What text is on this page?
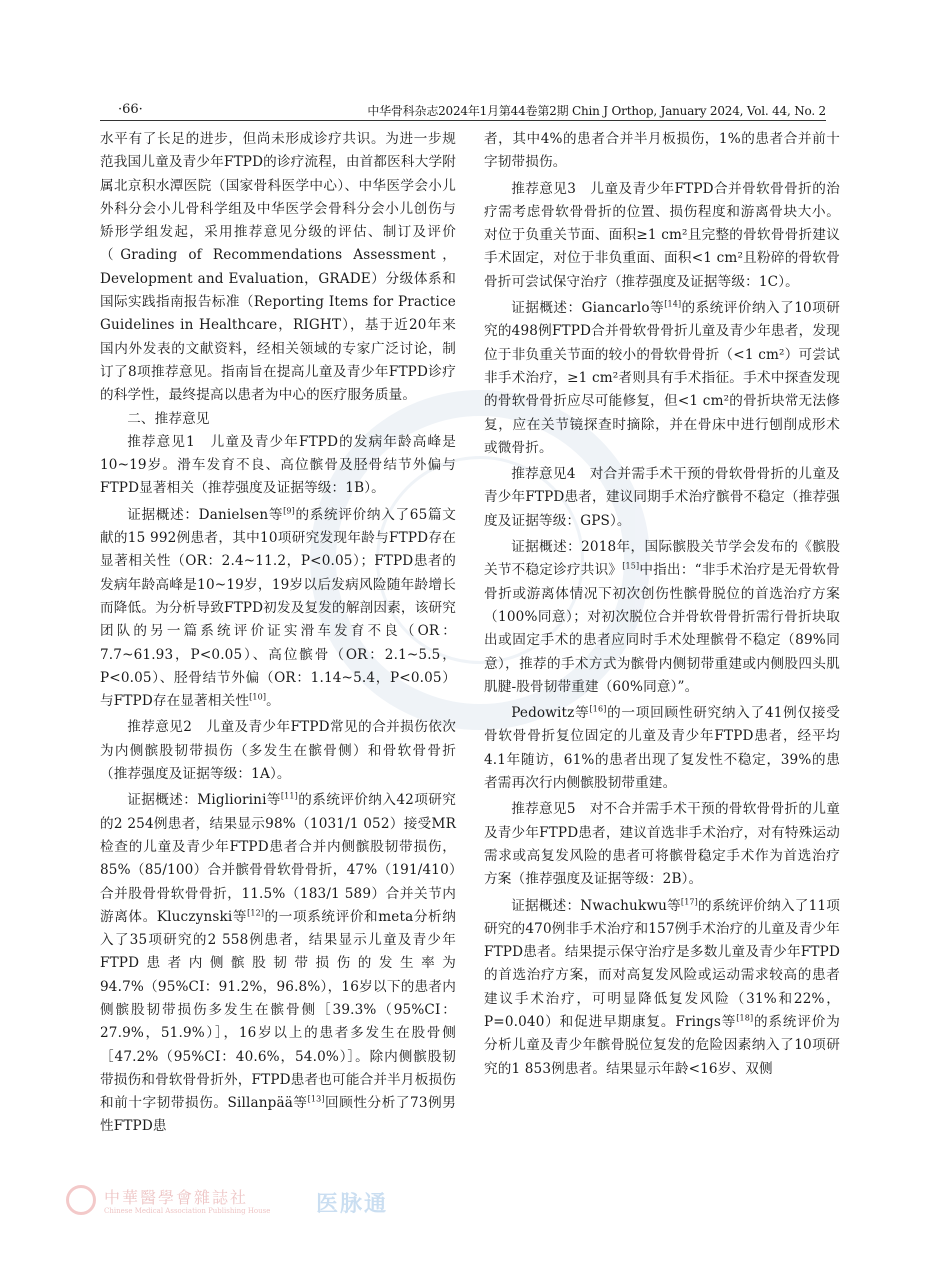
·66·	中华骨科杂志2024年1月第44卷第2期 Chin J Orthop, January 2024, Vol. 44, No. 2

水平有了长足的进步，但尚未形成诊疗共识。为进一步规范我国儿童及青少年FTPD的诊疗流程，由首都医科大学附属北京积水潭医院（国家骨科医学中心）、中华医学会小儿外科分会小儿骨科学组及中华医学会骨科分会小儿创伤与矫形学组发起，采用推荐意见分级的评估、制订及评价（Grading of Recommendations Assessment，Development and Evaluation，GRADE）分级体系和国际实践指南报告标准（Reporting Items for Practice Guidelines in Healthcare，RIGHT），基于近20年来国内外发表的文献资料，经相关领域的专家广泛讨论，制订了8项推荐意见。指南旨在提高儿童及青少年FTPD诊疗的科学性，最终提高以患者为中心的医疗服务质量。

二、推荐意见

推荐意见1　儿童及青少年FTPD的发病年龄高峰是10~19岁。滑车发育不良、高位髌骨及胫骨结节外偏与FTPD显著相关（推荐强度及证据等级：1B）。

证据概述：Danielsen等[9]的系统评价纳入了65篇文献的15 992例患者，其中10项研究发现年龄与FTPD存在显著相关性（OR：2.4~11.2，P<0.05）；FTPD患者的发病年龄高峰是10~19岁，19岁以后发病风险随年龄增长而降低。为分析导致FTPD初发及复发的解剖因素，该研究团队的另一篇系统评价证实滑车发育不良（OR：7.7~61.93，P<0.05）、高位髌骨（OR：2.1~5.5，P<0.05）、胫骨结节外偏（OR：1.14~5.4，P<0.05）与FTPD存在显著相关性[10]。

推荐意见2　儿童及青少年FTPD常见的合并损伤依次为内侧髌股韧带损伤（多发生在髌骨侧）和骨软骨骨折（推荐强度及证据等级：1A）。

证据概述：Migliorini等[11]的系统评价纳入42项研究的2 254例患者，结果显示98%（1031/1 052）接受MR检查的儿童及青少年FTPD患者合并内侧髌股韧带损伤，85%（85/100）合并髌骨骨软骨骨折，47%（191/410）合并股骨骨软骨骨折，11.5%（183/1 589）合并关节内游离体。Kluczynski等[12]的一项系统评价和meta分析纳入了35项研究的2 558例患者，结果显示儿童及青少年FTPD患者内侧髌股韧带损伤的发生率为94.7%（95%CI：91.2%，96.8%），16岁以下的患者内侧髌股韧带损伤多发生在髌骨侧［39.3%（95%CI：27.9%，51.9%）］，16岁以上的患者多发生在股骨侧［47.2%（95%CI：40.6%，54.0%）］。除内侧髌股韧带损伤和骨软骨骨折外，FTPD患者也可能合并半月板损伤和前十字韧带损伤。Sillanpää等[13]回顾性分析了73例男性FTPD患

者，其中4%的患者合并半月板损伤，1%的患者合并前十字韧带损伤。

推荐意见3　儿童及青少年FTPD合并骨软骨骨折的治疗需考虑骨软骨骨折的位置、损伤程度和游离骨块大小。对位于负重关节面、面积≥1 cm²且完整的骨软骨骨折建议手术固定，对位于非负重面、面积<1 cm²且粉碎的骨软骨骨折可尝试保守治疗（推荐强度及证据等级：1C）。

证据概述：Giancarlo等[14]的系统评价纳入了10项研究的498例FTPD合并骨软骨骨折儿童及青少年患者，发现位于非负重关节面的较小的骨软骨骨折（<1 cm²）可尝试非手术治疗，≥1 cm²者则具有手术指征。手术中探查发现的骨软骨骨折应尽可能修复，但<1 cm²的骨折块常无法修复，应在关节镜探查时摘除，并在骨床中进行刨削成形术或微骨折。

推荐意见4　对合并需手术干预的骨软骨骨折的儿童及青少年FTPD患者，建议同期手术治疗髌骨不稳定（推荐强度及证据等级：GPS）。

证据概述：2018年，国际髌股关节学会发布的《髌股关节不稳定诊疗共识》[15]中指出：“非手术治疗是无骨软骨骨折或游离体情况下初次创伤性髌骨脱位的首选治疗方案（100%同意）；对初次脱位合并骨软骨骨折需行骨折块取出或固定手术的患者应同时手术处理髌骨不稳定（89%同意），推荐的手术方式为髌骨内侧韧带重建或内侧股四头肌肌腱-股骨韧带重建（60%同意）”。

Pedowitz等[16]的一项回顾性研究纳入了41例仅接受骨软骨骨折复位固定的儿童及青少年FTPD患者，经平均4.1年随访，61%的患者出现了复发性不稳定，39%的患者需再次行内侧髌股韧带重建。

推荐意见5　对不合并需手术干预的骨软骨骨折的儿童及青少年FTPD患者，建议首选非手术治疗，对有特殊运动需求或高复发风险的患者可将髌骨稳定手术作为首选治疗方案（推荐强度及证据等级：2B）。

证据概述：Nwachukwu等[17]的系统评价纳入了11项研究的470例非手术治疗和157例手术治疗的儿童及青少年FTPD患者。结果提示保守治疗是多数儿童及青少年FTPD的首选治疗方案，而对高复发风险或运动需求较高的患者建议手术治疗，可明显降低复发风险（31%和22%，P=0.040）和促进早期康复。Frings等[18]的系统评价为分析儿童及青少年髌骨脱位复发的危险因素纳入了10项研究的1 853例患者。结果显示年龄<16岁、双侧

中華醫學會雜誌社
Chinese Medical Association Publishing House 医脉通
